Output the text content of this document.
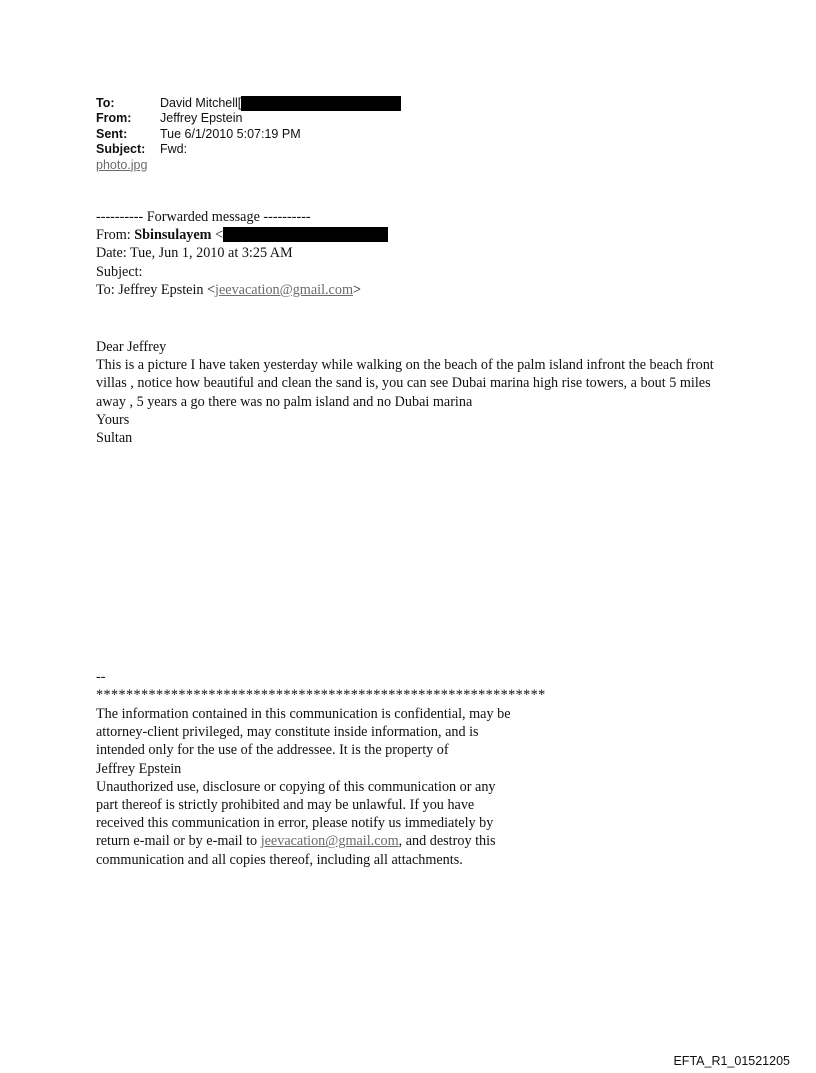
To:	David Mitchell[
From:	Jeffrey Epstein
Sent:	Tue 6/1/2010 5:07:19 PM
Subject:	Fwd:
photo.jpg
---------- Forwarded message ----------
From: Sbinsulayem <
Date: Tue, Jun 1, 2010 at 3:25 AM
Subject:
To: Jeffrey Epstein <jeevacation@gmail.com>
Dear Jeffrey
This is a picture I have taken yesterday while walking on the beach of the palm island infront the beach front villas , notice how beautiful and clean the sand is, you can see Dubai marina high rise towers, a bout 5 miles away , 5 years a go there was no palm island and no Dubai marina
Yours
Sultan
--
************************************************************
The information contained in this communication is confidential, may be attorney-client privileged, may constitute inside information, and is intended only for the use of the addressee. It is the property of
Jeffrey Epstein
Unauthorized use, disclosure or copying of this communication or any part thereof is strictly prohibited and may be unlawful. If you have received this communication in error, please notify us immediately by return e-mail or by e-mail to jeevacation@gmail.com, and destroy this communication and all copies thereof, including all attachments.
EFTA_R1_01521205
